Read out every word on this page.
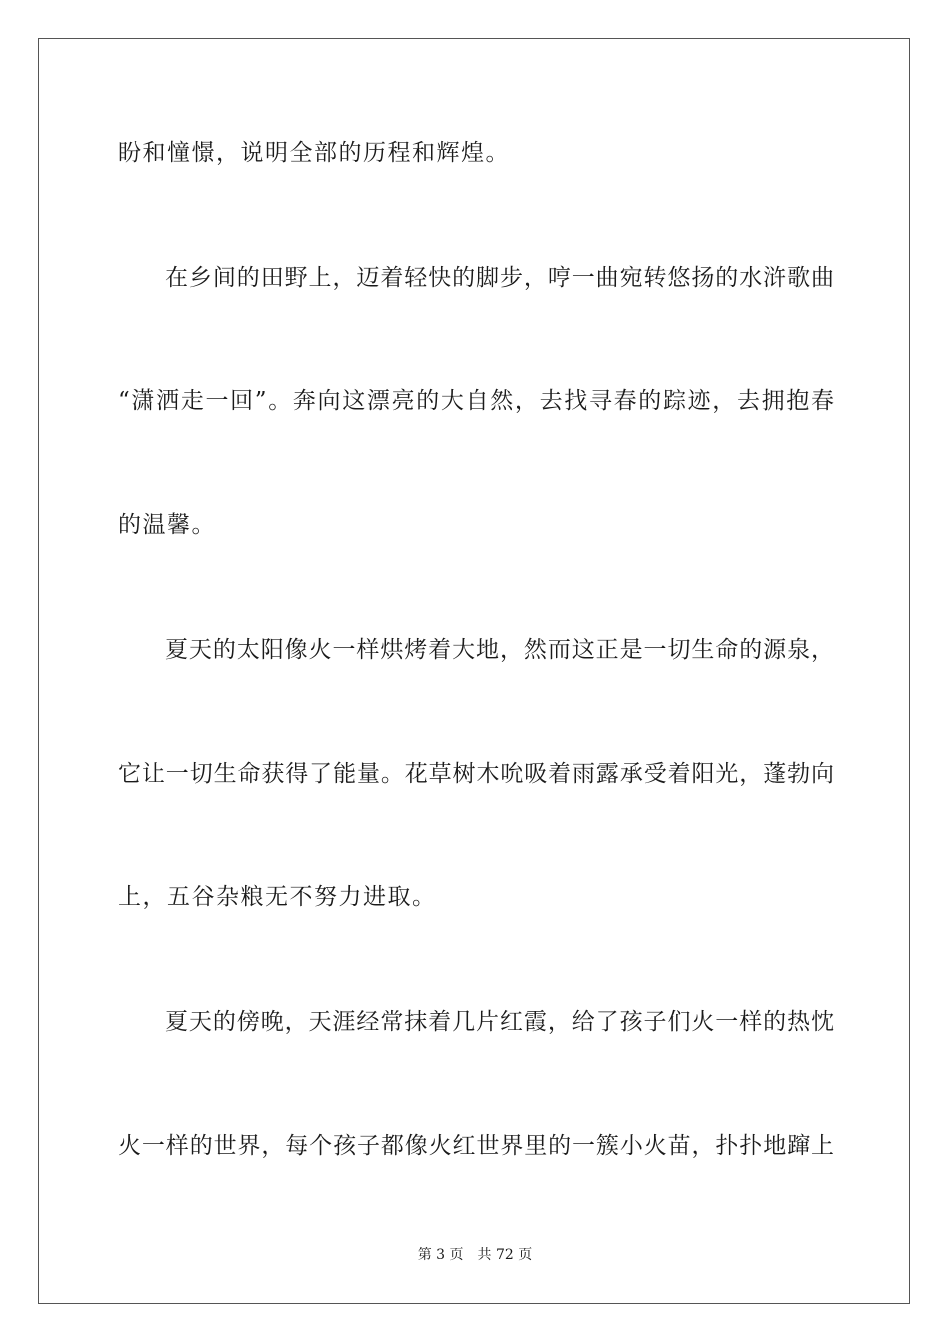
盼和憧憬，说明全部的历程和辉煌。
在乡间的田野上，迈着轻快的脚步，哼一曲宛转悠扬的水浒歌曲
“潇洒走一回”。奔向这漂亮的大自然，去找寻春的踪迹，去拥抱春
的温馨。
夏天的太阳像火一样烘烤着大地，然而这正是一切生命的源泉，
它让一切生命获得了能量。花草树木吮吸着雨露承受着阳光，蓬勃向
上，五谷杂粮无不努力进取。
夏天的傍晚，天涯经常抹着几片红霞，给了孩子们火一样的热忱
火一样的世界，每个孩子都像火红世界里的一簇小火苗，扑扑地蹿上
第 3 页 共 72 页
